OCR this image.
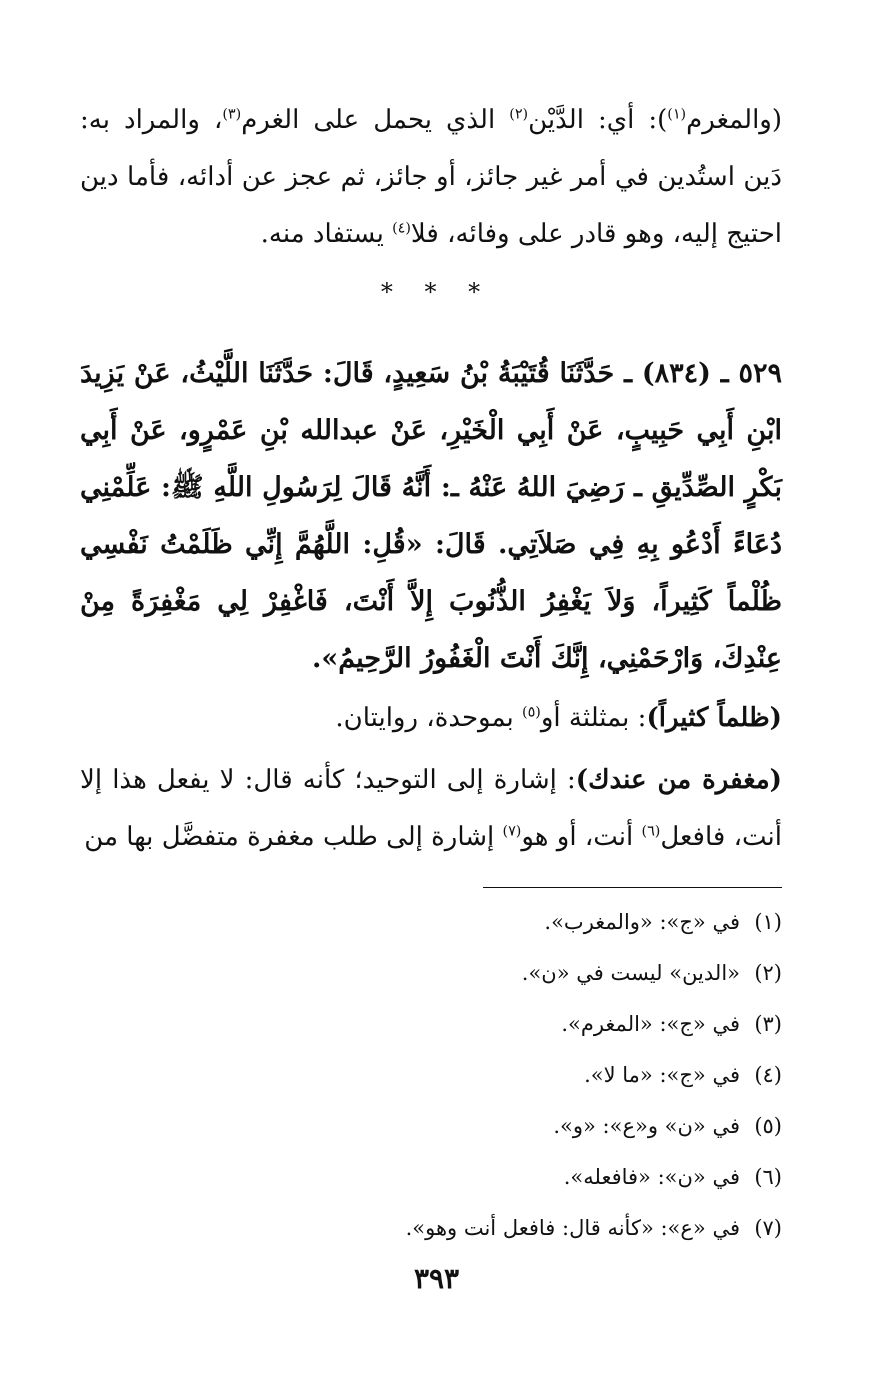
(والمغرم$^{(١)}$): أي: الدَّيْن$^{(٢)}$ الذي يحمل على الغرم$^{(٣)}$، والمراد به: دَين استُدين في أمر غير جائز، أو جائز، ثم عجز عن أدائه، فأما دين احتيج إليه، وهو قادر على وفائه، فلا$^{(٤)}$ يستفاد منه.

* * *

٥٢٩ ـ (٨٣٤) ـ حَدَّثَنَا قُتَيْبَةُ بْنُ سَعِيدٍ، قَالَ: حَدَّثَنَا اللَّيْثُ، عَنْ يَزِيدَ ابْنِ أَبِي حَبِيبٍ، عَنْ أَبِي الْخَيْرِ، عَنْ عبدالله بْنِ عَمْرٍو، عَنْ أَبِي بَكْرٍ الصِّدِّيقِ ـ رَضِيَ اللهُ عَنْهُ ـ: أَنَّهُ قَالَ لِرَسُولِ اللَّهِ ﷺ: عَلِّمْنِي دُعَاءً أَدْعُو بِهِ فِي صَلاَتِي. قَالَ: «قُلِ: اللَّهُمَّ إِنِّي ظَلَمْتُ نَفْسِي ظُلْماً كَثِيراً، وَلاَ يَغْفِرُ الذُّنُوبَ إِلاَّ أَنْتَ، فَاغْفِرْ لِي مَغْفِرَةً مِنْ عِنْدِكَ، وَارْحَمْنِي، إِنَّكَ أَنْتَ الْغَفُورُ الرَّحِيمُ».

(ظلماً كثيراً): بمثلثة أو$^{(٥)}$ بموحدة، روايتان.

(مغفرة من عندك): إشارة إلى التوحيد؛ كأنه قال: لا يفعل هذا إلا أنت، فافعل$^{(٦)}$ أنت، أو هو$^{(٧)}$ إشارة إلى طلب مغفرة متفضَّل بها من

(١)في «ج»: «والمغرب».
(٢)«الدين» ليست في «ن».
(٣)في «ج»: «المغرم».
(٤)في «ج»: «ما لا».
(٥)في «ن» و«ع»: «و».
(٦)في «ن»: «فافعله».
(٧)في «ع»: «كأنه قال: فافعل أنت وهو».
٣٩٣
